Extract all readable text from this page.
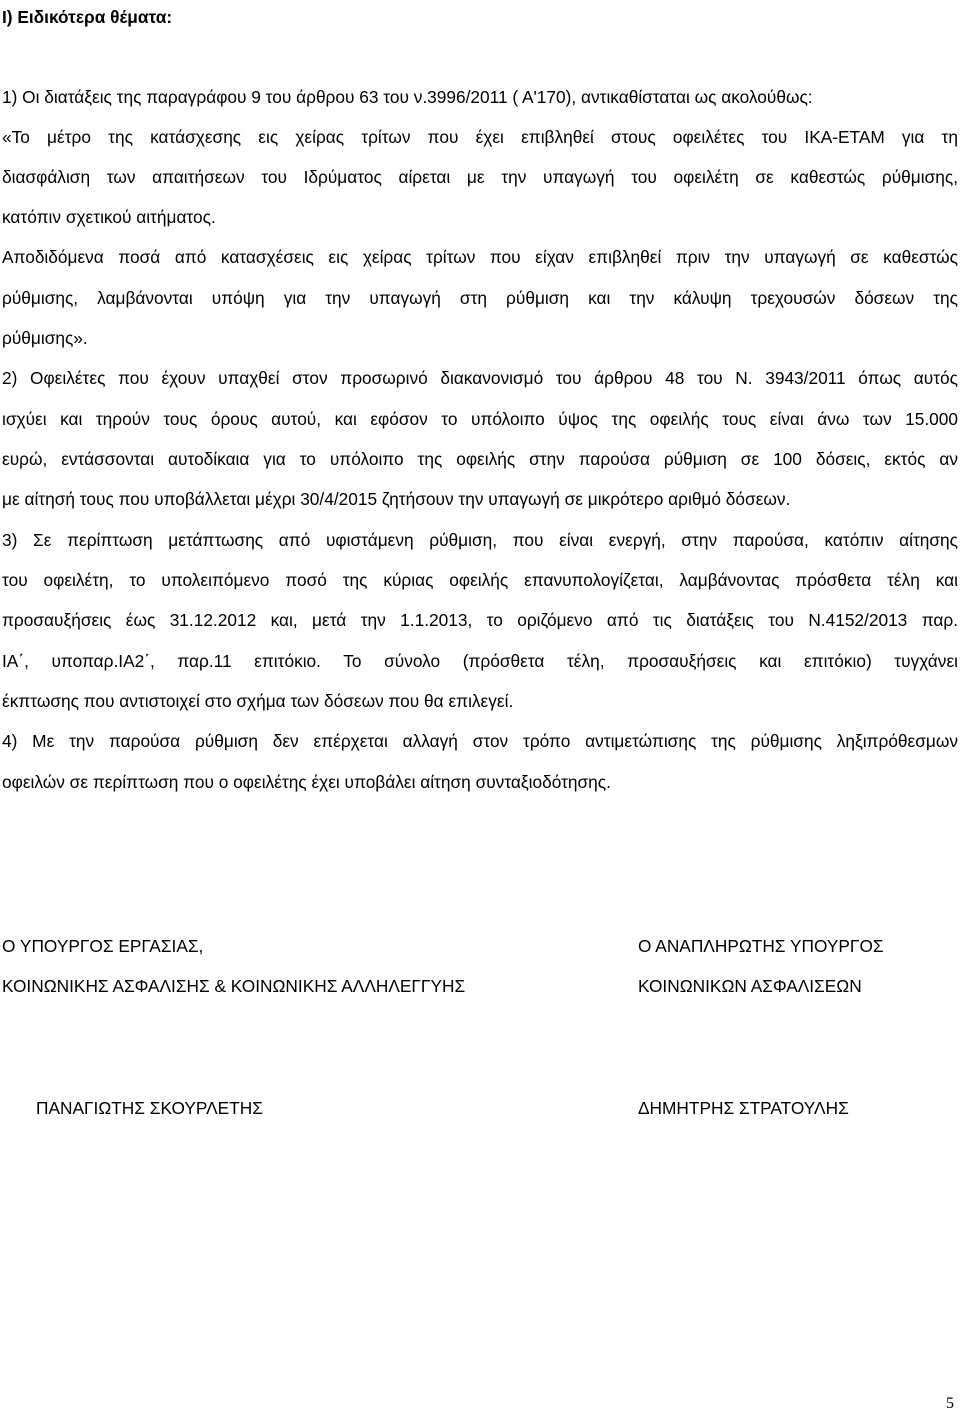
Ι) Ειδικότερα θέματα:
1) Οι διατάξεις της παραγράφου 9 του άρθρου 63 του ν.3996/2011 ( Α'170), αντικαθίσταται ως ακολούθως:
«Το μέτρο της κατάσχεσης εις χείρας τρίτων που έχει επιβληθεί στους οφειλέτες του ΙΚΑ-ΕΤΑΜ για τη
διασφάλιση των απαιτήσεων του Ιδρύματος αίρεται με την υπαγωγή του οφειλέτη σε καθεστώς ρύθμισης,
κατόπιν σχετικού αιτήματος.
Αποδιδόμενα ποσά από κατασχέσεις εις χείρας τρίτων που είχαν επιβληθεί πριν την υπαγωγή σε καθεστώς
ρύθμισης, λαμβάνονται υπόψη για την υπαγωγή στη ρύθμιση και την κάλυψη τρεχουσών δόσεων της
ρύθμισης».
2) Οφειλέτες που έχουν υπαχθεί στον προσωρινό διακανονισμό του άρθρου 48 του Ν. 3943/2011 όπως αυτός
ισχύει και τηρούν τους όρους αυτού, και εφόσον το υπόλοιπο ύψος της οφειλής τους είναι άνω των 15.000
ευρώ, εντάσσονται αυτοδίκαια για το υπόλοιπο της οφειλής στην παρούσα ρύθμιση σε 100 δόσεις, εκτός αν
με αίτησή τους που υποβάλλεται μέχρι 30/4/2015 ζητήσουν την υπαγωγή σε μικρότερο αριθμό δόσεων.
3) Σε περίπτωση μετάπτωσης από υφιστάμενη ρύθμιση, που είναι ενεργή, στην παρούσα, κατόπιν αίτησης
του οφειλέτη, το υπολειπόμενο ποσό της κύριας οφειλής επανυπολογίζεται, λαμβάνοντας πρόσθετα τέλη και
προσαυξήσεις έως 31.12.2012 και, μετά την 1.1.2013, το οριζόμενο από τις διατάξεις του Ν.4152/2013 παρ.
ΙΑ΄, υποπαρ.ΙΑ2΄, παρ.11 επιτόκιο. Το σύνολο (πρόσθετα τέλη, προσαυξήσεις και επιτόκιο) τυγχάνει
έκπτωσης που αντιστοιχεί στο σχήμα των δόσεων που θα επιλεγεί.
4) Με την παρούσα ρύθμιση δεν επέρχεται αλλαγή στον τρόπο αντιμετώπισης της ρύθμισης ληξιπρόθεσμων
οφειλών σε περίπτωση που ο οφειλέτης έχει υποβάλει αίτηση συνταξιοδότησης.
Ο ΥΠΟΥΡΓΟΣ ΕΡΓΑΣΙΑΣ,
ΚΟΙΝΩΝΙΚΗΣ ΑΣΦΑΛΙΣΗΣ & ΚΟΙΝΩΝΙΚΗΣ ΑΛΛΗΛΕΓΓΥΗΣ
ΠΑΝΑΓΙΩΤΗΣ ΣΚΟΥΡΛΕΤΗΣ
Ο ΑΝΑΠΛΗΡΩΤΗΣ ΥΠΟΥΡΓΟΣ
ΚΟΙΝΩΝΙΚΩΝ ΑΣΦΑΛΙΣΕΩΝ
ΔΗΜΗΤΡΗΣ ΣΤΡΑΤΟΥΛΗΣ
5
